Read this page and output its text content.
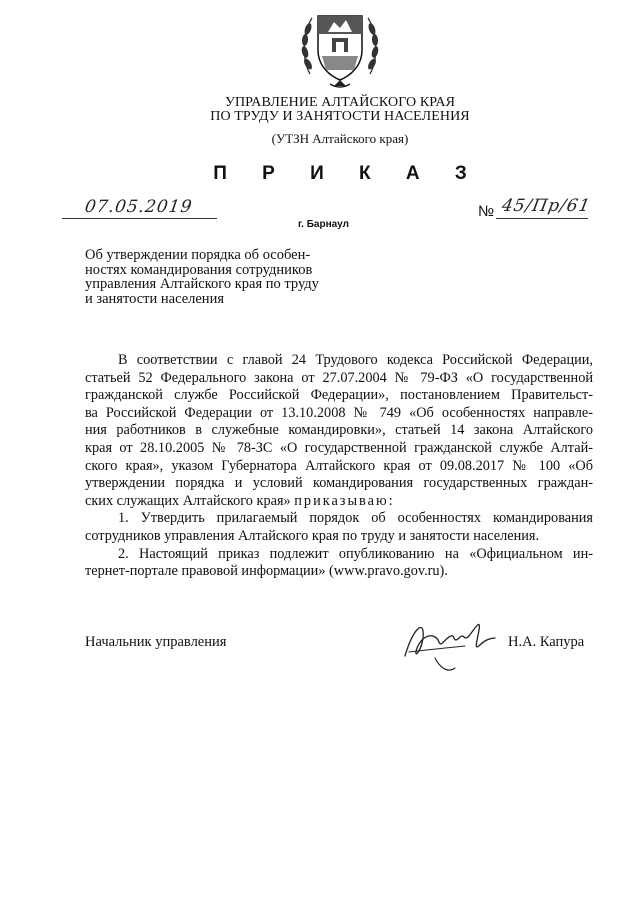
УПРАВЛЕНИЕ АЛТАЙСКОГО КРАЯ
ПО ТРУДУ И ЗАНЯТОСТИ НАСЕЛЕНИЯ
(УТЗН Алтайского края)
П Р И К А З
07.05.2019
г. Барнаул
№ 45/Пр/61
Об утверждении порядка об особен-
ностях командирования сотрудников
управления Алтайского края по труду
и занятости населения
В соответствии с главой 24 Трудового кодекса Российской Федерации,
статьей 52 Федерального закона от 27.07.2004 № 79-ФЗ «О государственной
гражданской службе Российской Федерации», постановлением Правительст-
ва Российской Федерации от 13.10.2008 № 749 «Об особенностях направле-
ния работников в служебные командировки», статьей 14 закона Алтайского
края от 28.10.2005 № 78-ЗС «О государственной гражданской службе Алтай-
ского края», указом Губернатора Алтайского края от 09.08.2017 № 100 «Об
утверждении порядка и условий командирования государственных граждан-
ских служащих Алтайского края» приказываю:
1. Утвердить прилагаемый порядок об особенностях командирования
сотрудников управления Алтайского края по труду и занятости населения.
2. Настоящий приказ подлежит опубликованию на «Официальном ин-
тернет-портале правовой информации» (www.pravo.gov.ru).
Начальник управления	Н.А. Капура
